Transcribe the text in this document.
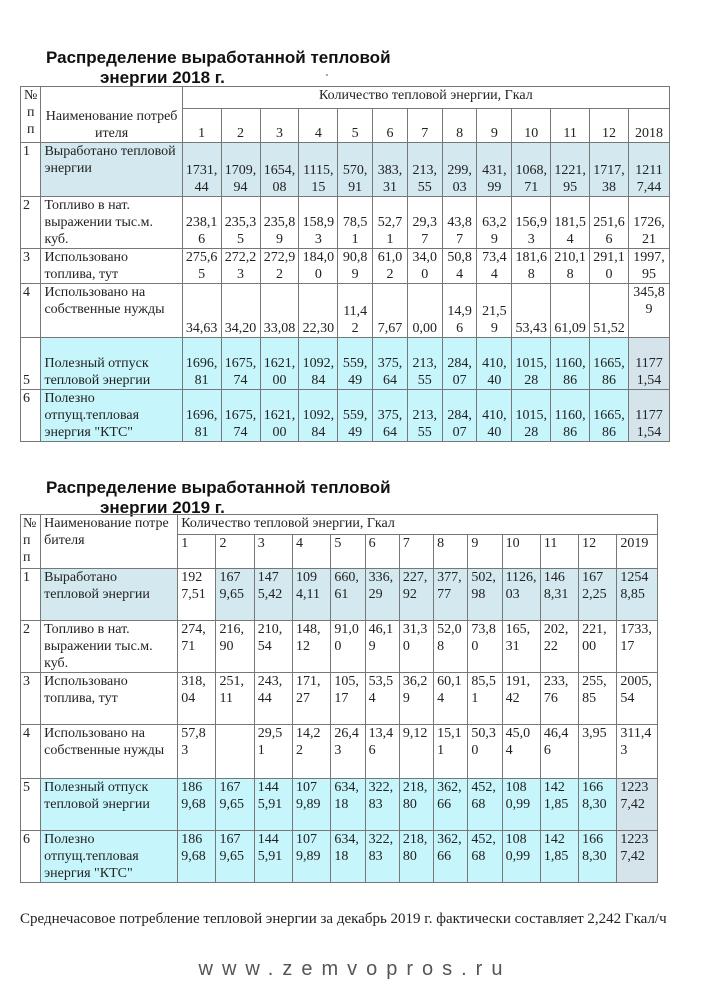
Распределение выработанной тепловой
энергии 2018 г.
№ п п	Наименование потребителя	Количество тепловой энергии, Гкал												
		1	2	3	4	5	6	7	8	9	10	11	12	2018
1	Выработано тепловой энергии	1731,44	1709,94	1654,08	1115,15	570,91	383,31	213,55	299,03	431,99	1068,71	1221,95	1717,38	12117,44
2	Топливо в нат. выражении тыс.м. куб.	238,16	235,35	235,89	158,93	78,51	52,71	29,37	43,87	63,29	156,93	181,54	251,66	1726,21
3	Использовано топлива, тут	275,65	272,23	272,92	184,00	90,89	61,02	34,00	50,84	73,44	181,68	210,18	291,10	1997,95
4	Использовано на собственные нужды	34,63	34,20	33,08	22,30	11,42	7,67	0,00	14,96	21,59	53,43	61,09	51,52	345,89
5	Полезный отпуск тепловой энергии	1696,81	1675,74	1621,00	1092,84	559,49	375,64	213,55	284,07	410,40	1015,28	1160,86	1665,86	11771,54
6	Полезно отпущ.тепловая энергия "КТС"	1696,81	1675,74	1621,00	1092,84	559,49	375,64	213,55	284,07	410,40	1015,28	1160,86	1665,86	11771,54
Распределение выработанной тепловой
энергии 2019 г.
№ п п	Наименование потребителя	Количество тепловой энергии, Гкал												
		1	2	3	4	5	6	7	8	9	10	11	12	2019
1	Выработано тепловой энергии	1927,51	1679,65	1475,42	1094,11	660,61	336,29	227,92	377,77	502,98	1126,03	1468,31	1672,25	12548,85
2	Топливо в нат. выражении тыс.м. куб.	274,71	216,90	210,54	148,12	91,00	46,19	31,30	52,08	73,80	165,31	202,22	221,00	1733,17
3	Использовано топлива, тут	318,04	251,11	243,44	171,27	105,17	53,54	36,29	60,14	85,51	191,42	233,76	255,85	2005,54
4	Использовано на собственные нужды	57,83		29,51	14,22	26,43	13,46	9,12	15,11	50,30	45,04	46,46	3,95	311,43
5	Полезный отпуск тепловой энергии	1869,68	1679,65	1445,91	1079,89	634,18	322,83	218,80	362,66	452,68	1080,99	1421,85	1668,30	12237,42
6	Полезно отпущ.тепловая энергия "КТС"	1869,68	1679,65	1445,91	1079,89	634,18	322,83	218,80	362,66	452,68	1080,99	1421,85	1668,30	12237,42
Среднечасовое потребление тепловой энергии за декабрь 2019 г. фактически составляет 2,242 Гкал/ч
www.zemvopros.ru
